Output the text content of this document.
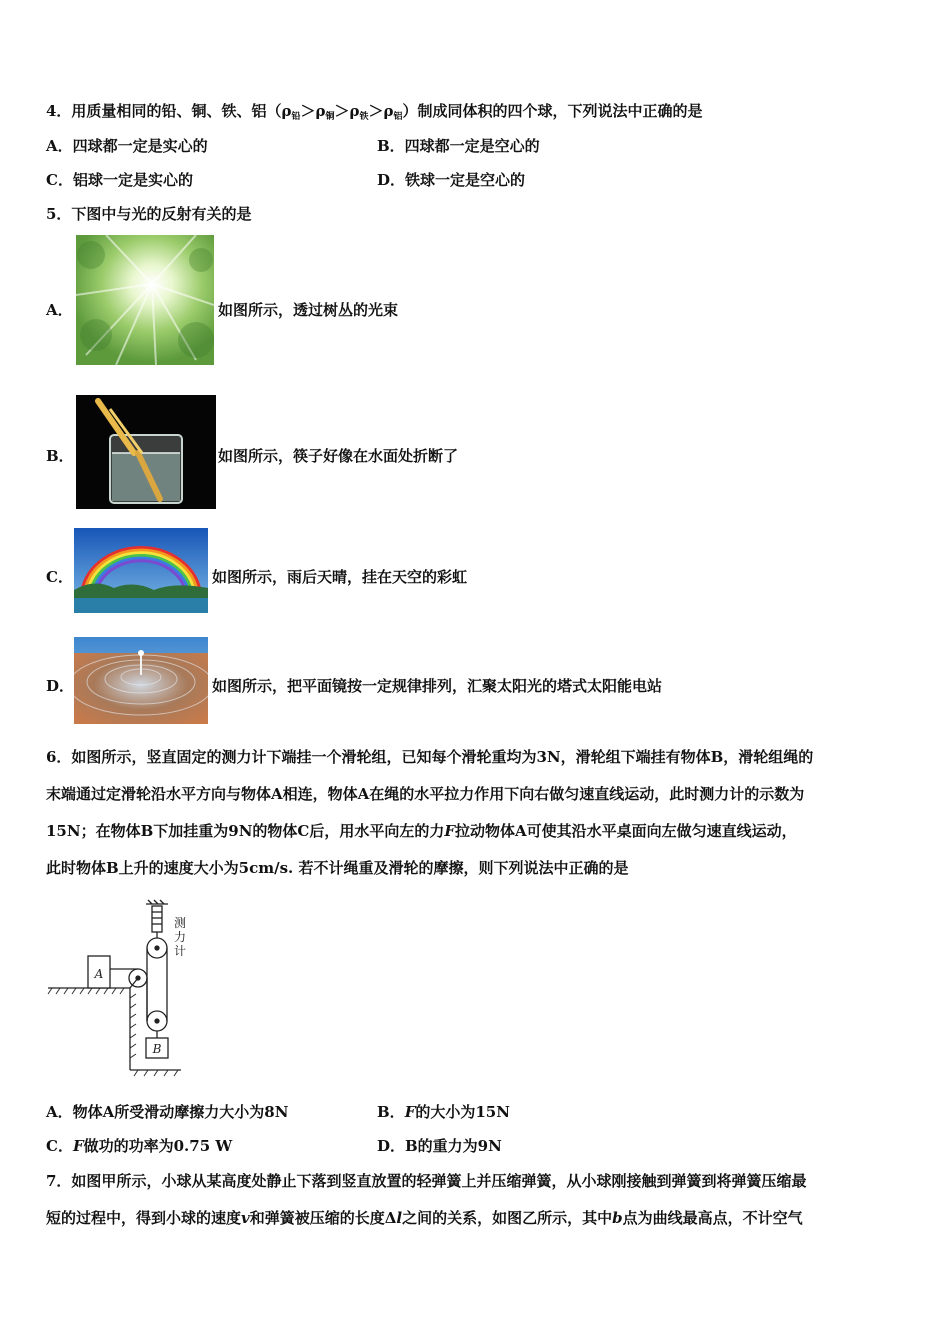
4．用质量相同的铅、铜、铁、铝$(\rho_铅>\rho_铜>\rho_铁>\rho_铝)$制成同体积的四个球，下列说法中正确的是
A．四球都一定是实心的	B．四球都一定是空心的
C．铝球一定是实心的	D．铁球一定是空心的
5．下图中与光的反射有关的是
A．	如图所示，透过树丛的光束
B．	如图所示，筷子好像在水面处折断了
C．	如图所示，雨后天晴，挂在天空的彩虹
D．	如图所示，把平面镜按一定规律排列，汇聚太阳光的塔式太阳能电站
6．如图所示，竖直固定的测力计下端挂一个滑轮组，已知每个滑轮重均为3N，滑轮组下端挂有物体B，滑轮组绳的
末端通过定滑轮沿水平方向与物体A相连，物体A在绳的水平拉力作用下向右做匀速直线运动，此时测力计的示数为
15N；在物体B下加挂重为9N的物体C后，用水平向左的力F拉动物体A可使其沿水平桌面向左做匀速直线运动，
此时物体B上升的速度大小为5cm/s. 若不计绳重及滑轮的摩擦，则下列说法中正确的是
A
B
测力计
A．物体A所受滑动摩擦力大小为8N	B．F的大小为15N
C．F做功的功率为0.75 W	D．B的重力为9N
7．如图甲所示，小球从某高度处静止下落到竖直放置的轻弹簧上并压缩弹簧，从小球刚接触到弹簧到将弹簧压缩最
短的过程中，得到小球的速度v和弹簧被压缩的长度Δl之间的关系，如图乙所示，其中b点为曲线最高点，不计空气
